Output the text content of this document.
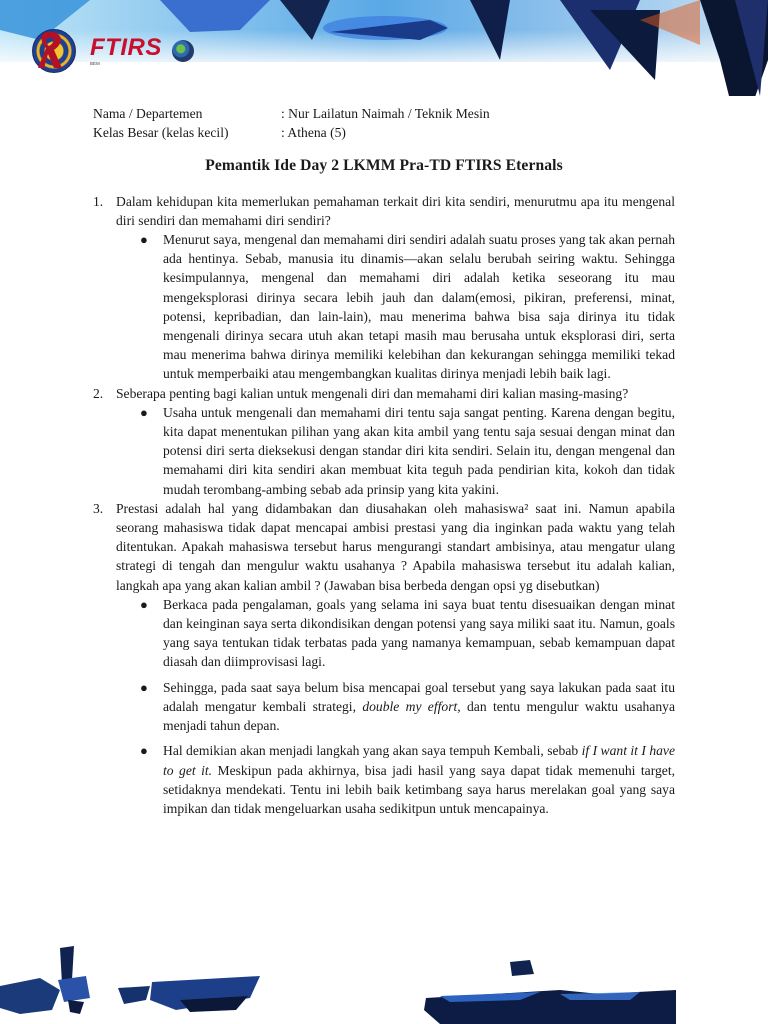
FTIRS
BEM
Nama / Departemen	: Nur Lailatun Naimah / Teknik Mesin
Kelas Besar (kelas kecil)	: Athena (5)
Pemantik Ide Day 2 LKMM Pra-TD FTIRS Eternals
1. Dalam kehidupan kita memerlukan pemahaman terkait diri kita sendiri, menurutmu apa itu mengenal diri sendiri dan memahami diri sendiri?
● Menurut saya, mengenal dan memahami diri sendiri adalah suatu proses yang tak akan pernah ada hentinya. Sebab, manusia itu dinamis—akan selalu berubah seiring waktu. Sehingga kesimpulannya, mengenal dan memahami diri adalah ketika seseorang itu mau mengeksplorasi dirinya secara lebih jauh dan dalam(emosi, pikiran, preferensi, minat, potensi, kepribadian, dan lain-lain), mau menerima bahwa bisa saja dirinya itu tidak mengenali dirinya secara utuh akan tetapi masih mau berusaha untuk eksplorasi diri, serta mau menerima bahwa dirinya memiliki kelebihan dan kekurangan sehingga memiliki tekad untuk memperbaiki atau mengembangkan kualitas dirinya menjadi lebih baik lagi.
2. Seberapa penting bagi kalian untuk mengenali diri dan memahami diri kalian masing-masing?
● Usaha untuk mengenali dan memahami diri tentu saja sangat penting. Karena dengan begitu, kita dapat menentukan pilihan yang akan kita ambil yang tentu saja sesuai dengan minat dan potensi diri serta dieksekusi dengan standar diri kita sendiri. Selain itu, dengan mengenal dan memahami diri kita sendiri akan membuat kita teguh pada pendirian kita, kokoh dan tidak mudah terombang-ambing sebab ada prinsip yang kita yakini.
3. Prestasi adalah hal yang didambakan dan diusahakan oleh mahasiswa² saat ini. Namun apabila seorang mahasiswa tidak dapat mencapai ambisi prestasi yang dia inginkan pada waktu yang telah ditentukan. Apakah mahasiswa tersebut harus mengurangi standart ambisinya, atau mengatur ulang strategi di tengah dan mengulur waktu usahanya ? Apabila mahasiswa tersebut itu adalah kalian, langkah apa yang akan kalian ambil ? (Jawaban bisa berbeda dengan opsi yg disebutkan)
● Berkaca pada pengalaman, goals yang selama ini saya buat tentu disesuaikan dengan minat dan keinginan saya serta dikondisikan dengan potensi yang saya miliki saat itu. Namun, goals yang saya tentukan tidak terbatas pada yang namanya kemampuan, sebab kemampuan dapat diasah dan diimprovisasi lagi.
● Sehingga, pada saat saya belum bisa mencapai goal tersebut yang saya lakukan pada saat itu adalah mengatur kembali strategi, double my effort, dan tentu mengulur waktu usahanya menjadi tahun depan.
● Hal demikian akan menjadi langkah yang akan saya tempuh Kembali, sebab if I want it I have to get it. Meskipun pada akhirnya, bisa jadi hasil yang saya dapat tidak memenuhi target, setidaknya mendekati. Tentu ini lebih baik ketimbang saya harus merelakan goal yang saya impikan dan tidak mengeluarkan usaha sedikitpun untuk mencapainya.
